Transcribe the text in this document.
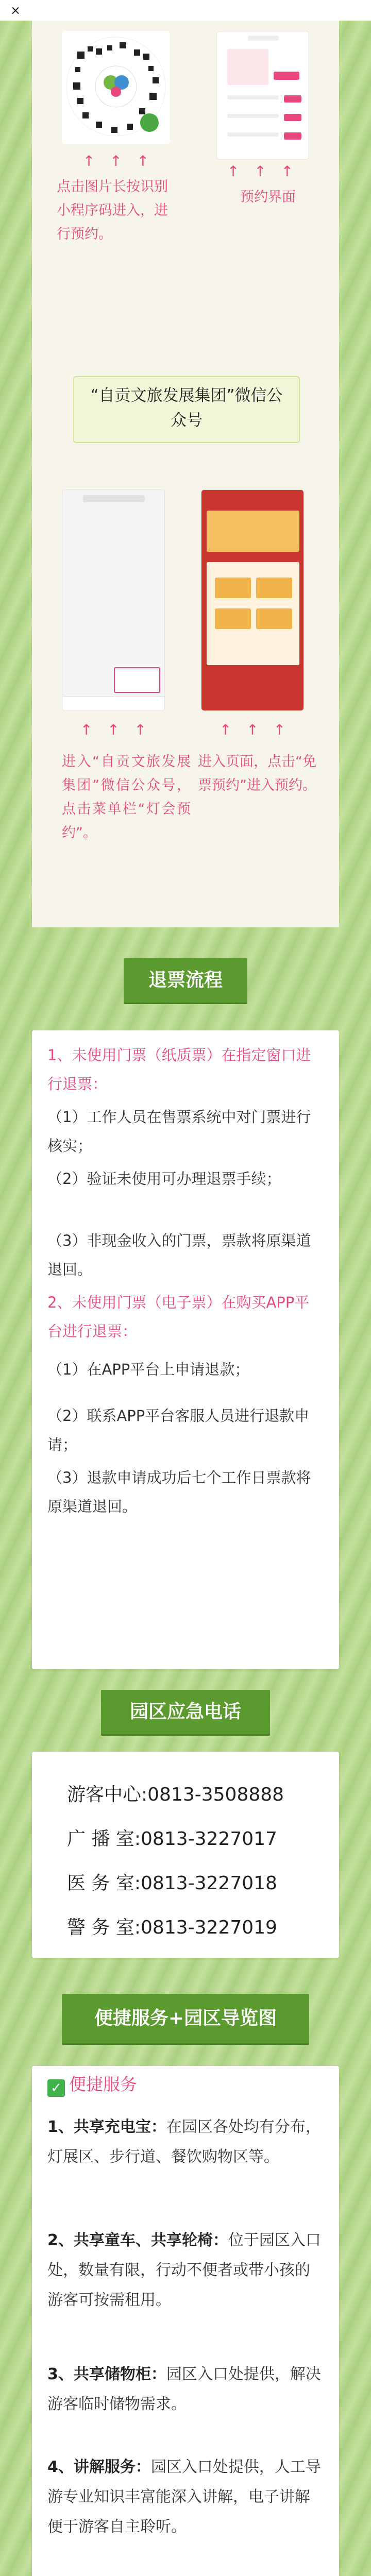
×
↑ ↑ ↑
↑ ↑ ↑
点击图片长按识别小程序码进入，进行预约。
预约界面
“自贡文旅发展集团”微信公众号
↑ ↑ ↑	↑ ↑ ↑
进入“自贡文旅发展集团”微信公众号，点击菜单栏“灯会预约”。
进入页面，点击“免票预约”进入预约。
退票流程
1、未使用门票（纸质票）在指定窗口进行退票：
（1）工作人员在售票系统中对门票进行核实；
（2）验证未使用可办理退票手续；
（3）非现金收入的门票，票款将原渠道退回。
2、未使用门票（电子票）在购买APP平台进行退票：
（1）在APP平台上申请退款；
（2）联系APP平台客服人员进行退款申请；
（3）退款申请成功后七个工作日票款将原渠道退回。
园区应急电话
游客中心:0813-3508888
广 播 室:0813-3227017
医 务 室:0813-3227018
警 务 室:0813-3227019
便捷服务+园区导览图
✓ 便捷服务
1、共享充电宝：在园区各处均有分布，灯展区、步行道、餐饮购物区等。
2、共享童车、共享轮椅：位于园区入口处，数量有限，行动不便者或带小孩的游客可按需租用。
3、共享储物柜：园区入口处提供，解决游客临时储物需求。
4、讲解服务：园区入口处提供，人工导游专业知识丰富能深入讲解，电子讲解便于游客自主聆听。
